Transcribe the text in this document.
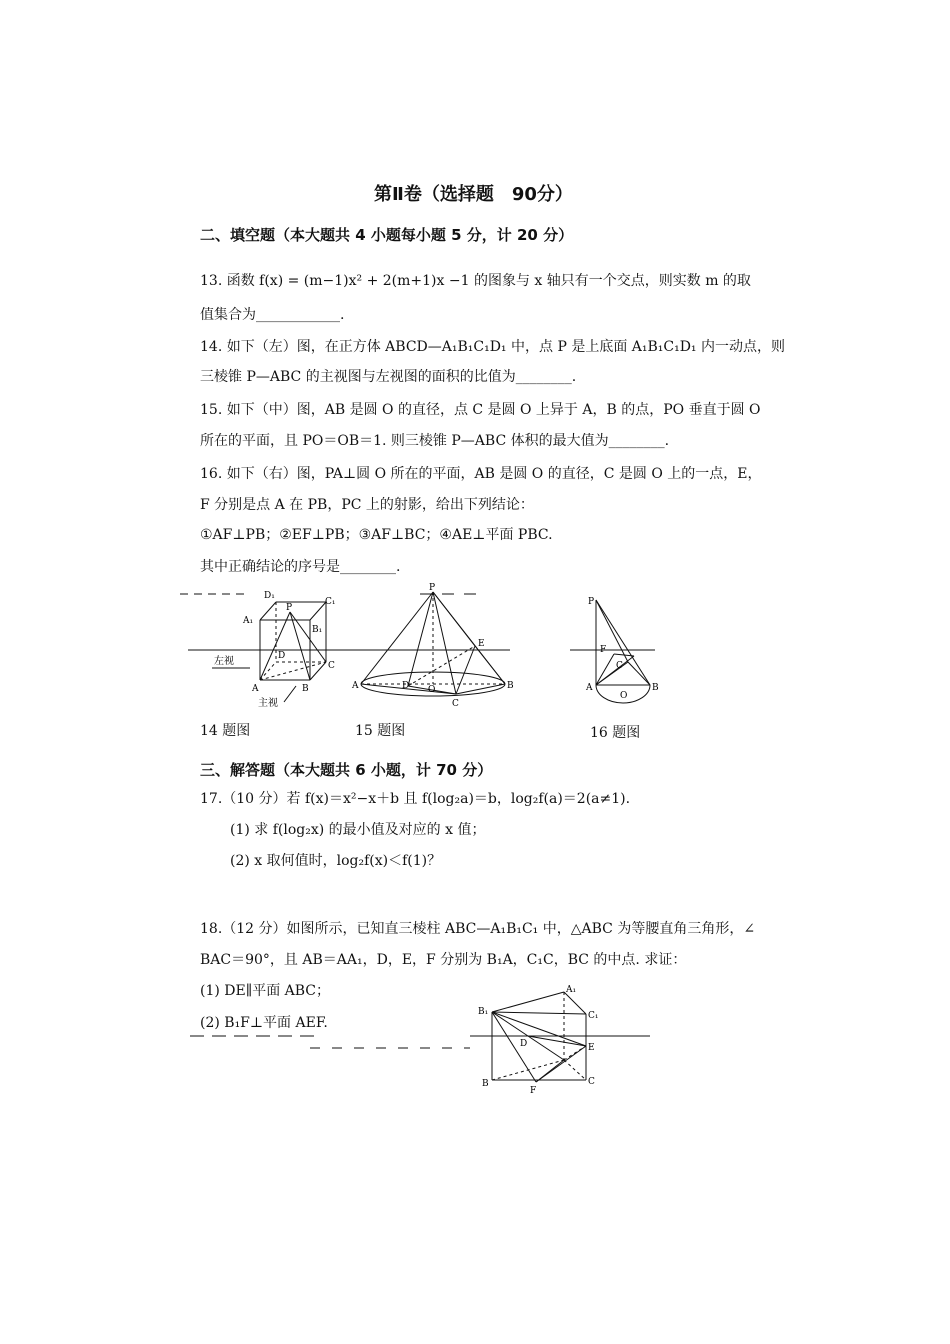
第Ⅱ卷（选择题　90分）
二、填空题（本大题共 4 小题每小题 5 分，计 20 分）
13. 函数 f(x) = (m−1)x² + 2(m+1)x −1 的图象与 x 轴只有一个交点，则实数 m 的取
值集合为____________.
14. 如下（左）图，在正方体 ABCD—A₁B₁C₁D₁ 中，点 P 是上底面 A₁B₁C₁D₁ 内一动点，则
三棱锥 P—ABC 的主视图与左视图的面积的比值为________.
15. 如下（中）图，AB 是圆 O 的直径，点 C 是圆 O 上异于 A，B 的点，PO 垂直于圆 O
所在的平面，且 PO＝OB＝1. 则三棱锥 P—ABC 体积的最大值为________.
16. 如下（右）图，PA⊥圆 O 所在的平面，AB 是圆 O 的直径，C 是圆 O 上的一点，E，
F 分别是点 A 在 PB，PC 上的射影，给出下列结论：
①AF⊥PB；②EF⊥PB；③AF⊥BC；④AE⊥平面 PBC.
其中正确结论的序号是________.
D₁
C₁
A₁
P
B₁
D
C
A	B
左视
主视
P
E
A	D O
C
B
P
F
C
A
O
B
14 题图	15 题图	16 题图
三、解答题（本大题共 6 小题，计 70 分）
17.（10 分）若 f(x)＝x²−x＋b 且 f(log₂a)＝b，log₂f(a)＝2(a≠1).
(1) 求 f(log₂x) 的最小值及对应的 x 值；
(2) x 取何值时，log₂f(x)＜f(1)？
18.（12 分）如图所示，已知直三棱柱 ABC—A₁B₁C₁ 中，△ABC 为等腰直角三角形，∠
BAC＝90°，且 AB＝AA₁，D，E，F 分别为 B₁A，C₁C，BC 的中点. 求证：
(1) DE∥平面 ABC；
(2) B₁F⊥平面 AEF.
A₁
B₁	C₁
D	E
B
F
C
